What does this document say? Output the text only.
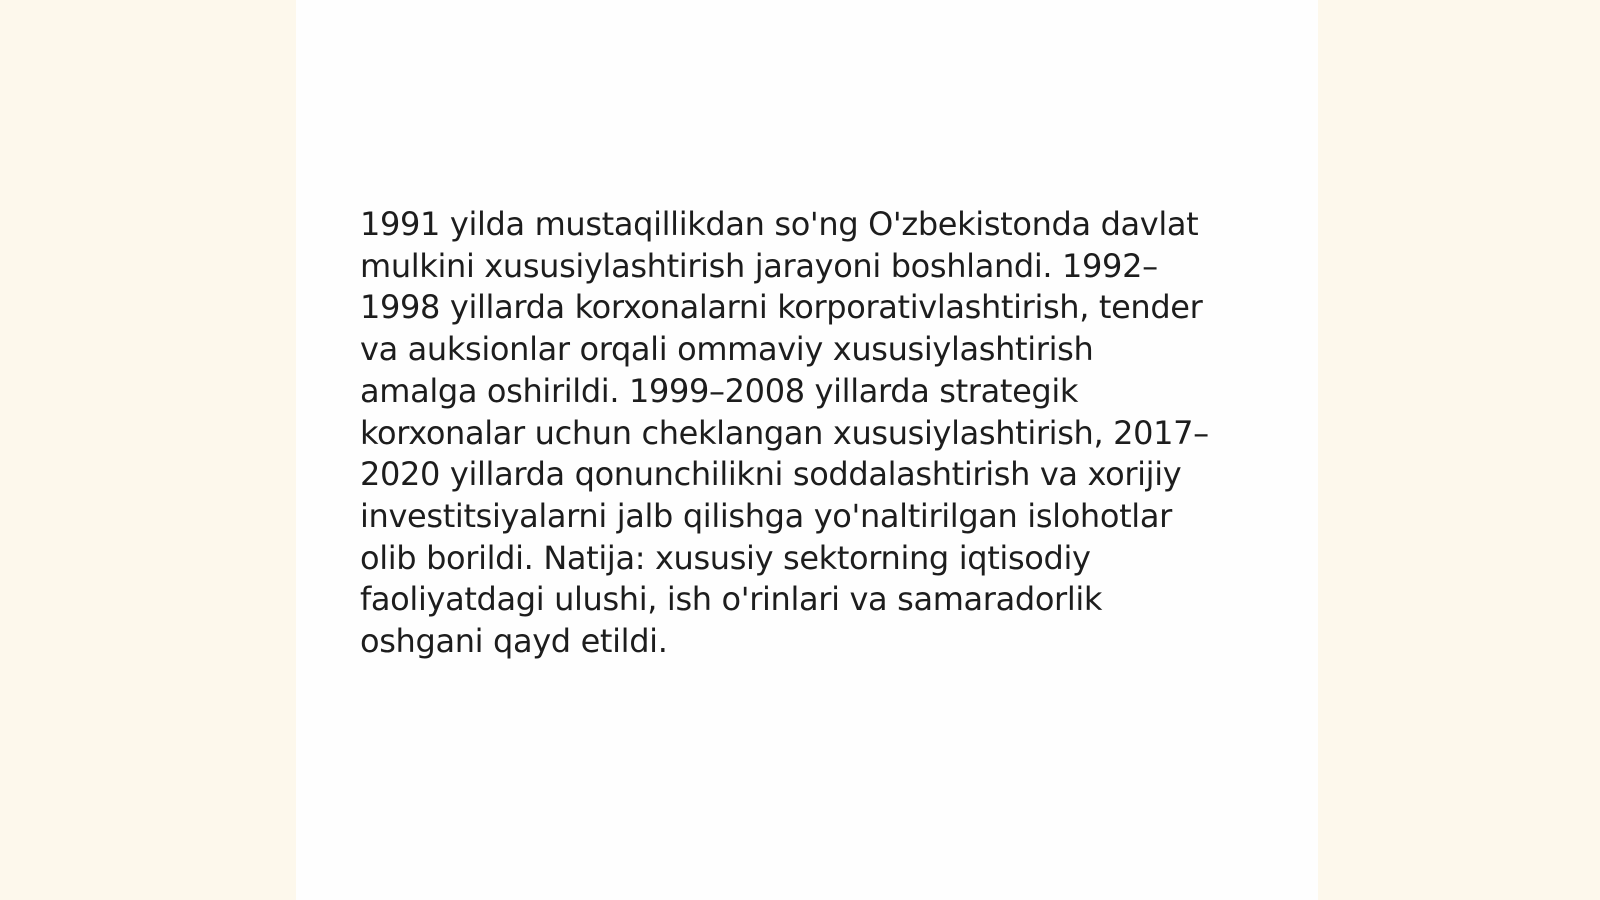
1991 yilda mustaqillikdan so'ng O'zbekistonda davlat
mulkini xususiylashtirish jarayoni boshlandi. 1992–
1998 yillarda korxonalarni korporativlashtirish, tender
va auksionlar orqali ommaviy xususiylashtirish
amalga oshirildi. 1999–2008 yillarda strategik
korxonalar uchun cheklangan xususiylashtirish, 2017–
2020 yillarda qonunchilikni soddalashtirish va xorijiy
investitsiyalarni jalb qilishga yo'naltirilgan islohotlar
olib borildi. Natija: xususiy sektorning iqtisodiy
faoliyatdagi ulushi, ish o'rinlari va samaradorlik
oshgani qayd etildi.
